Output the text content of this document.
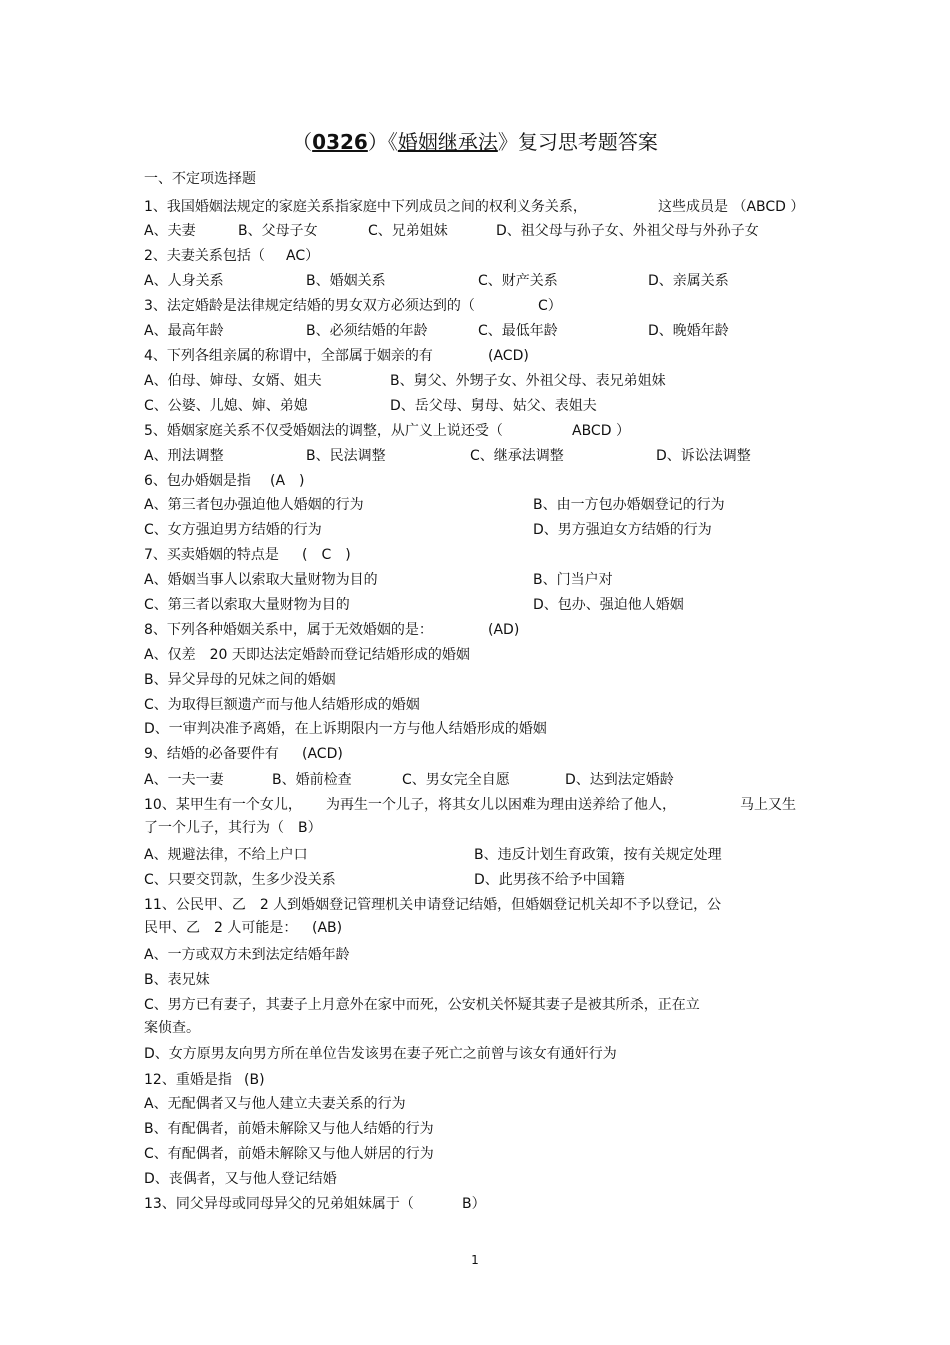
（0326）《婚姻继承法》复习思考题答案
一、不定项选择题
1、我国婚姻法规定的家庭关系指家庭中下列成员之间的权利义务关系，	这些成员是 （ABCD ）
A、夫妻	B、父母子女	C、兄弟姐妹	D、祖父母与孙子女、外祖父母与外孙子女
2、夫妻关系包括（ AC）
A、人身关系	B、婚姻关系	C、财产关系	D、亲属关系
3、法定婚龄是法律规定结婚的男女双方必须达到的（	C）
A、最高年龄	B、必须结婚的年龄	C、最低年龄	D、晚婚年龄
4、下列各组亲属的称谓中，全部属于姻亲的有	(ACD)
A、伯母、婶母、女婿、姐夫	B、舅父、外甥子女、外祖父母、表兄弟姐妹
C、公婆、儿媳、婶、弟媳	D、岳父母、舅母、姑父、表姐夫
5、婚姻家庭关系不仅受婚姻法的调整，从广义上说还受（	ABCD ）
A、刑法调整	B、民法调整	C、继承法调整	D、诉讼法调整
6、包办婚姻是指 (A　)
A、第三者包办强迫他人婚姻的行为	B、由一方包办婚姻登记的行为
C、女方强迫男方结婚的行为	D、男方强迫女方结婚的行为
7、买卖婚姻的特点是 (　C　)
A、婚姻当事人以索取大量财物为目的	B、门当户对
C、第三者以索取大量财物为目的	D、包办、强迫他人婚姻
8、下列各种婚姻关系中，属于无效婚姻的是：	(AD)
A、仅差　20 天即达法定婚龄而登记结婚形成的婚姻
B、异父异母的兄妹之间的婚姻
C、为取得巨额遗产而与他人结婚形成的婚姻
D、一审判决准予离婚，在上诉期限内一方与他人结婚形成的婚姻
9、结婚的必备要件有 (ACD)
A、一夫一妻	B、婚前检查	C、男女完全自愿	D、达到法定婚龄
10、某甲生有一个女儿， 为再生一个儿子，将其女儿以困难为理由送养给了他人，	马上又生
了一个儿子，其行为（　B）
A、规避法律，不给上户口	B、违反计划生育政策，按有关规定处理
C、只要交罚款，生多少没关系	D、此男孩不给予中国籍
11、公民甲、乙　2 人到婚姻登记管理机关申请登记结婚，但婚姻登记机关却不予以登记，公
民甲、乙　2 人可能是： (AB)
A、一方或双方未到法定结婚年龄
B、表兄妹
C、男方已有妻子，其妻子上月意外在家中而死，公安机关怀疑其妻子是被其所杀，正在立
案侦查。
D、女方原男友向男方所在单位告发该男在妻子死亡之前曾与该女有通奸行为
12、重婚是指 (B)
A、无配偶者又与他人建立夫妻关系的行为
B、有配偶者，前婚未解除又与他人结婚的行为
C、有配偶者，前婚未解除又与他人姘居的行为
D、丧偶者，又与他人登记结婚
13、同父异母或同母异父的兄弟姐妹属于（	B）
1
